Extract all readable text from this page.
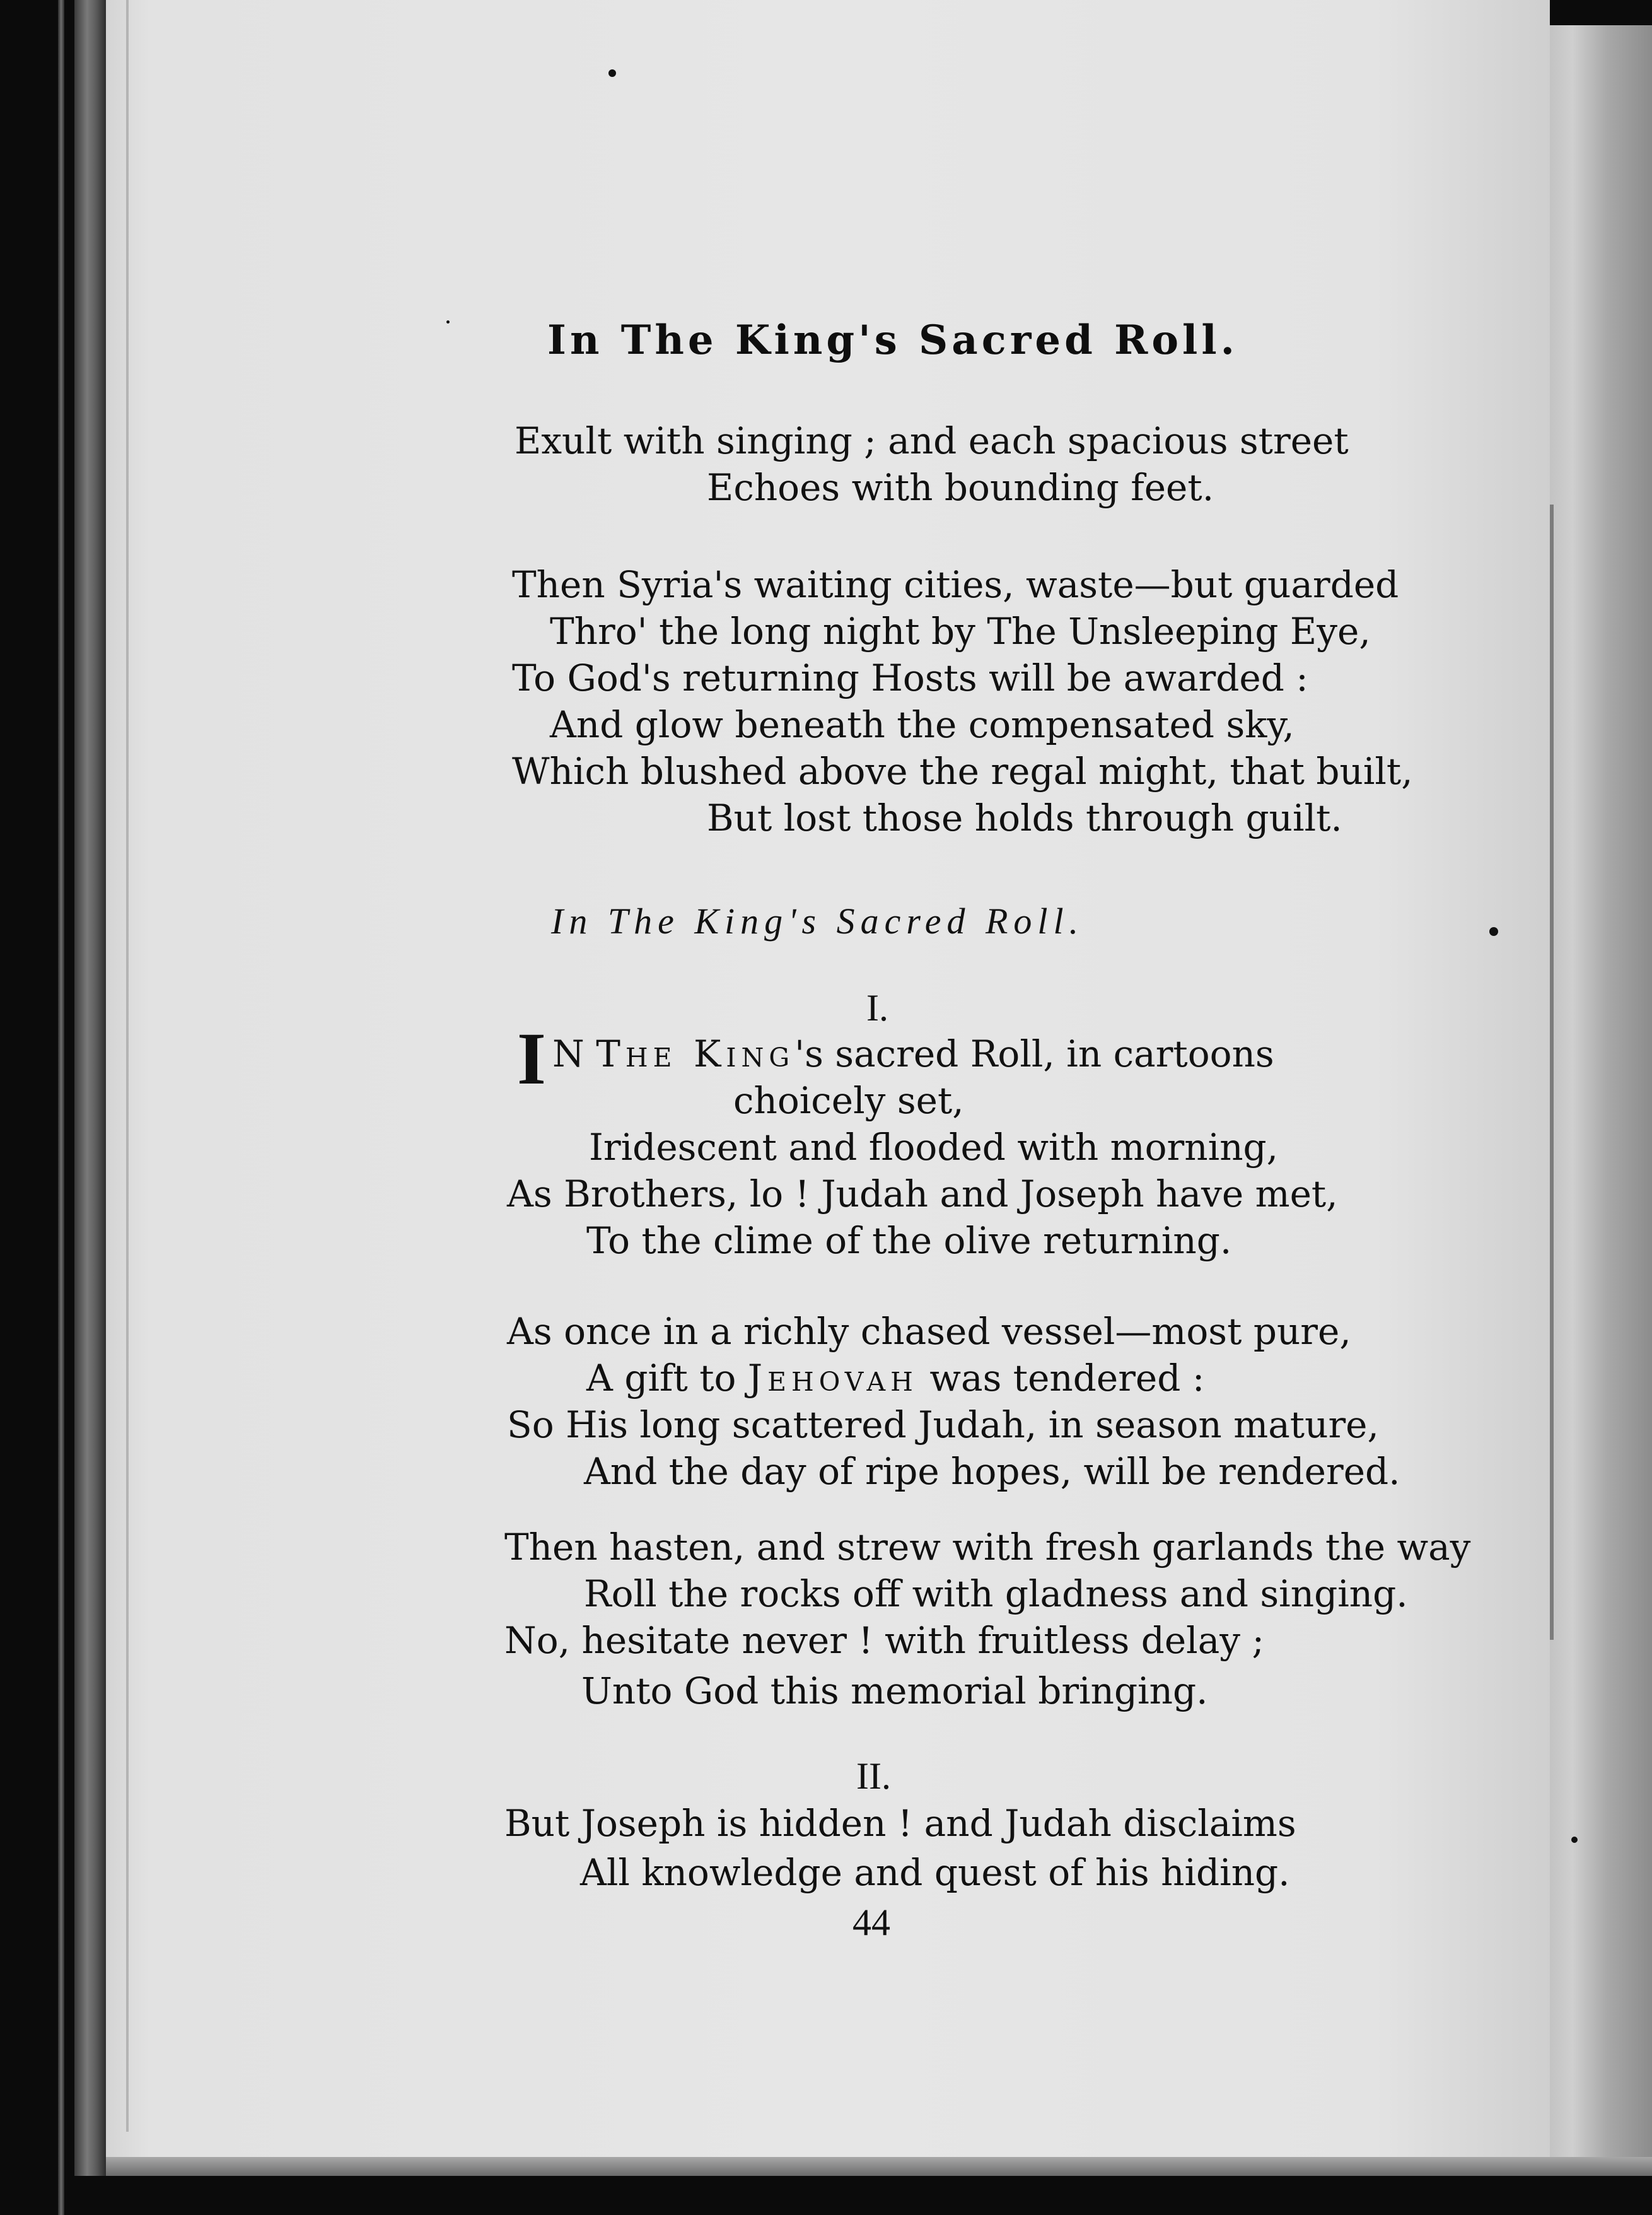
In The King's Sacred Roll.
Exult with singing ; and each spacious street
Echoes with bounding feet.
Then Syria's waiting cities, waste—but guarded
Thro' the long night by The Unsleeping Eye,
To God's returning Hosts will be awarded :
And glow beneath the compensated sky,
Which blushed above the regal might, that built,
But lost those holds through guilt.
In The King's Sacred Roll.
I.
I N The King's sacred Roll, in cartoons
choicely set,
Iridescent and flooded with morning,
As Brothers, lo ! Judah and Joseph have met,
To the clime of the olive returning.
As once in a richly chased vessel—most pure,
A gift to Jehovah was tendered :
So His long scattered Judah, in season mature,
And the day of ripe hopes, will be rendered.
Then hasten, and strew with fresh garlands the way
Roll the rocks off with gladness and singing.
No, hesitate never ! with fruitless delay ;
Unto God this memorial bringing.
II.
But Joseph is hidden ! and Judah disclaims
All knowledge and quest of his hiding.
44
